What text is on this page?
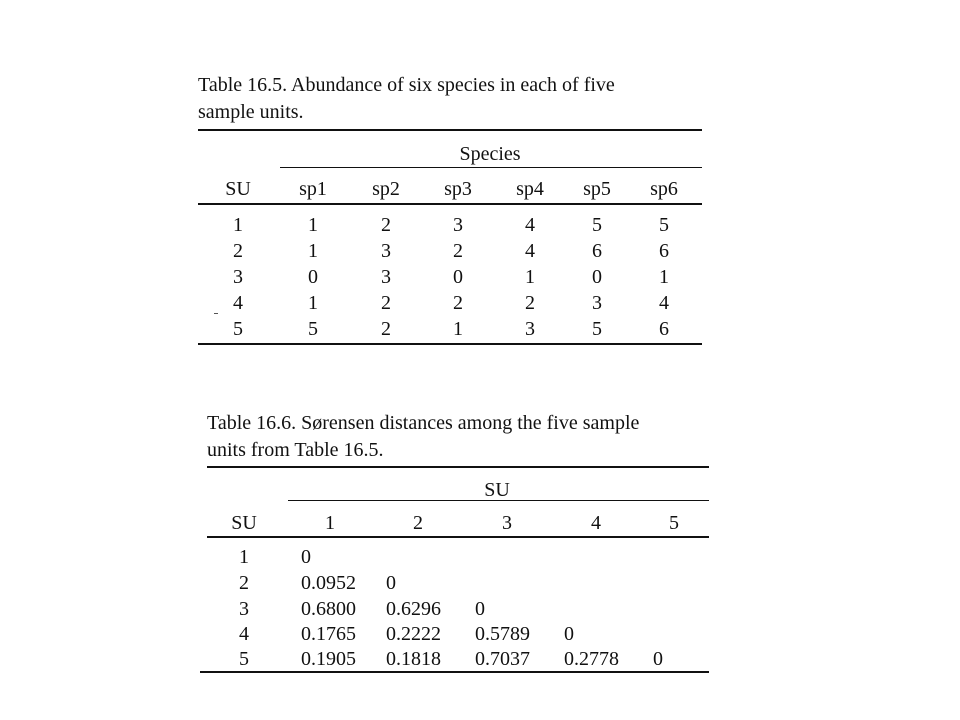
Table 16.5. Abundance of six species in each of five
sample units.
Species
SU sp1 sp2 sp3 sp4 sp5 sp6
1	1	2	3	4	5	5
2	1	3	2	4	6	6
3	0	3	0	1	0	1
4	1	2	2	2	3	4
5	5	2	1	3	5	6
Table 16.6. Sørensen distances among the five sample
units from Table 16.5.
SU
SU	1	2	3	4	5
1	0
2	0.0952 0
3	0.6800 0.6296 0
4	0.1765 0.2222 0.5789 0
5	0.1905 0.1818 0.7037 0.2778 0
